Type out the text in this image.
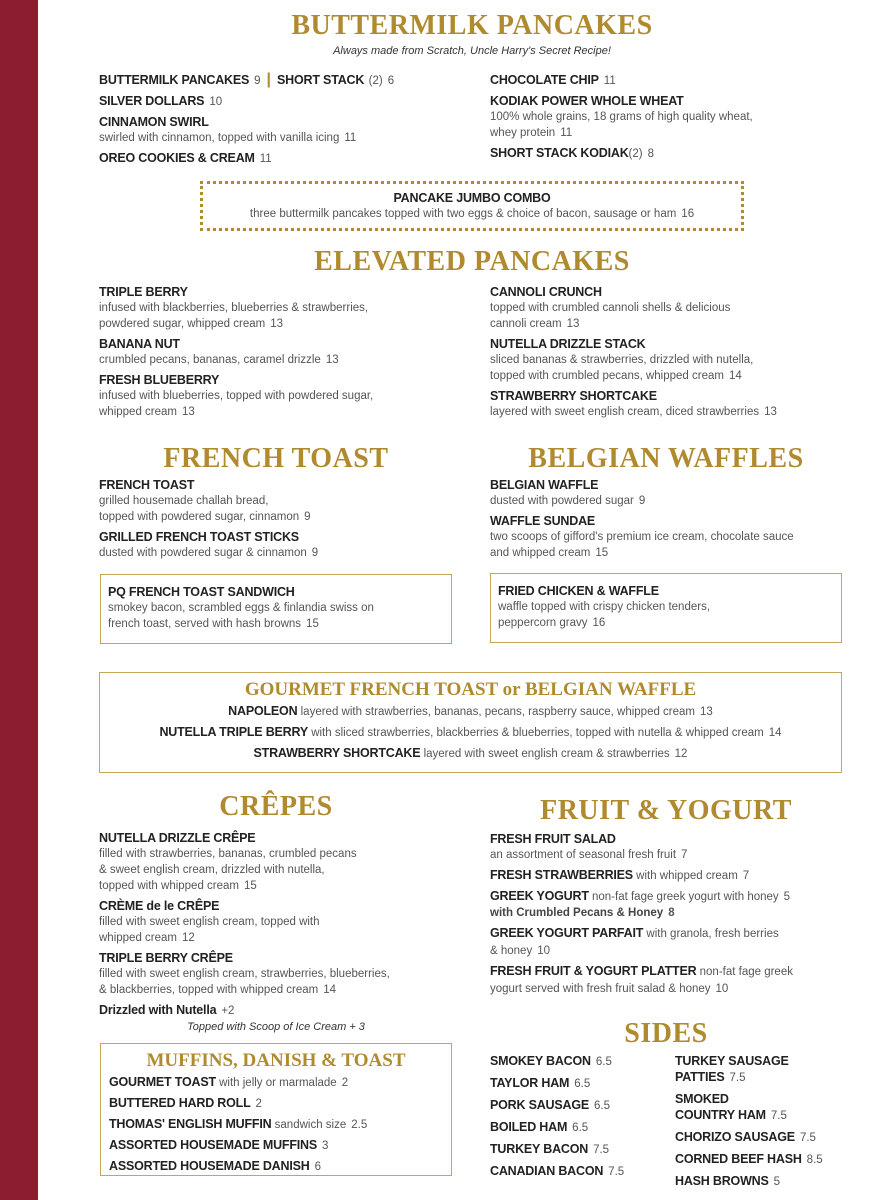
BUTTERMILK PANCAKES
Always made from Scratch, Uncle Harry's Secret Recipe!
BUTTERMILK PANCAKES 9 | SHORT STACK (2) 6
SILVER DOLLARS 10
CINNAMON SWIRL
swirled with cinnamon, topped with vanilla icing 11
OREO COOKIES & CREAM 11
CHOCOLATE CHIP 11
KODIAK POWER WHOLE WHEAT
100% whole grains, 18 grams of high quality wheat,
whey protein 11
SHORT STACK KODIAK(2) 8
PANCAKE JUMBO COMBO
three buttermilk pancakes topped with two eggs & choice of bacon, sausage or ham 16
ELEVATED PANCAKES
TRIPLE BERRY
infused with blackberries, blueberries & strawberries,
powdered sugar, whipped cream 13
BANANA NUT
crumbled pecans, bananas, caramel drizzle 13
FRESH BLUEBERRY
infused with blueberries, topped with powdered sugar,
whipped cream 13
CANNOLI CRUNCH
topped with crumbled cannoli shells & delicious
cannoli cream 13
NUTELLA DRIZZLE STACK
sliced bananas & strawberries, drizzled with nutella,
topped with crumbled pecans, whipped cream 14
STRAWBERRY SHORTCAKE
layered with sweet english cream, diced strawberries 13
FRENCH TOAST	BELGIAN WAFFLES
FRENCH TOAST
grilled housemade challah bread,
topped with powdered sugar, cinnamon 9
GRILLED FRENCH TOAST STICKS
dusted with powdered sugar & cinnamon 9
BELGIAN WAFFLE
dusted with powdered sugar 9
WAFFLE SUNDAE
two scoops of gifford's premium ice cream, chocolate sauce
and whipped cream 15
PQ FRENCH TOAST SANDWICH
smokey bacon, scrambled eggs & finlandia swiss on
french toast, served with hash browns 15
FRIED CHICKEN & WAFFLE
waffle topped with crispy chicken tenders,
peppercorn gravy 16
GOURMET FRENCH TOAST or BELGIAN WAFFLE
NAPOLEON layered with strawberries, bananas, pecans, raspberry sauce, whipped cream 13
NUTELLA TRIPLE BERRY with sliced strawberries, blackberries & blueberries, topped with nutella & whipped cream 14
STRAWBERRY SHORTCAKE layered with sweet english cream & strawberries 12
CRÊPES	FRUIT & YOGURT
NUTELLA DRIZZLE CRÊPE
filled with strawberries, bananas, crumbled pecans
& sweet english cream, drizzled with nutella,
topped with whipped cream 15
CRÈME de le CRÊPE
filled with sweet english cream, topped with
whipped cream 12
TRIPLE BERRY CRÊPE
filled with sweet english cream, strawberries, blueberries,
& blackberries, topped with whipped cream 14
Drizzled with Nutella +2
Topped with Scoop of Ice Cream + 3
FRESH FRUIT SALAD
an assortment of seasonal fresh fruit 7
FRESH STRAWBERRIES with whipped cream 7
GREEK YOGURT non-fat fage greek yogurt with honey 5
with Crumbled Pecans & Honey 8
GREEK YOGURT PARFAIT with granola, fresh berries
& honey 10
FRESH FRUIT & YOGURT PLATTER non-fat fage greek
yogurt served with fresh fruit salad & honey 10
MUFFINS, DANISH & TOAST
GOURMET TOAST with jelly or marmalade 2
BUTTERED HARD ROLL 2
THOMAS' ENGLISH MUFFIN sandwich size 2.5
ASSORTED HOUSEMADE MUFFINS 3
ASSORTED HOUSEMADE DANISH 6
SIDES
SMOKEY BACON 6.5
TAYLOR HAM 6.5
PORK SAUSAGE 6.5
BOILED HAM 6.5
TURKEY BACON 7.5
CANADIAN BACON 7.5
TURKEY SAUSAGE
PATTIES 7.5
SMOKED
COUNTRY HAM 7.5
CHORIZO SAUSAGE 7.5
CORNED BEEF HASH 8.5
HASH BROWNS 5
